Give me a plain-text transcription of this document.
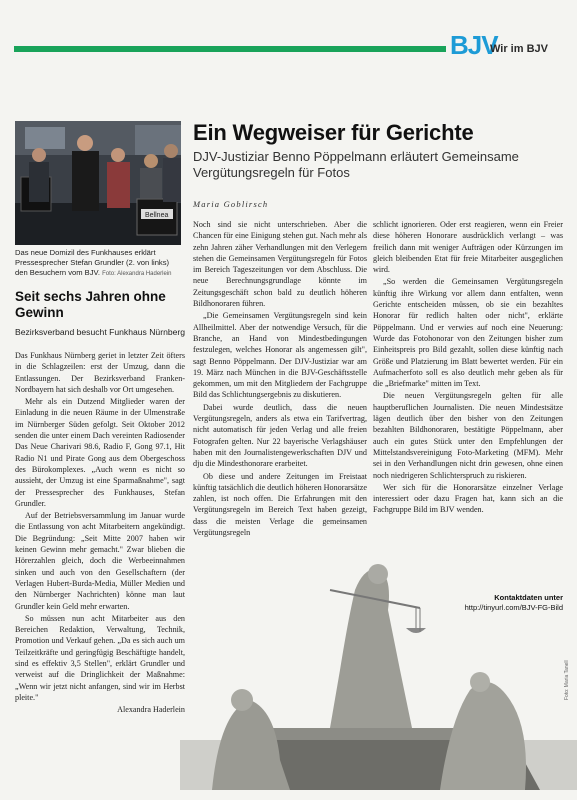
BJV
Wir im BJV
Bellnea
Das neue Domizil des Funkhauses erklärt Pressesprecher Stefan Grundler (2. von links) den Besuchern vom BJV. Foto: Alexandra Haderlein
Seit sechs Jahren ohne Gewinn
Bezirksverband besucht Funkhaus Nürnberg

Das Funkhaus Nürnberg geriet in letzter Zeit öfters in die Schlagzeilen: erst der Umzug, dann die Entlassungen. Der Bezirksverband Franken-Nordbayern hat sich deshalb vor Ort umgesehen.

Mehr als ein Dutzend Mitglieder waren der Einladung in die neuen Räume in der Ulmenstraße im Nürnberger Süden gefolgt. Seit Oktober 2012 senden die unter einem Dach vereinten Radiosender Das Neue Charivari 98.6, Radio F, Gong 97.1, Hit Radio N1 und Pirate Gong aus dem Obergeschoss des Bürokomplexes. „Auch wenn es nicht so aussieht, der Umzug ist eine Sparmaßnahme", sagt der Pressesprecher des Funkhauses, Stefan Grundler.

Auf der Betriebsversammlung im Januar wurde die Entlassung von acht Mitarbeitern angekündigt. Die Begründung: „Seit Mitte 2007 haben wir keinen Gewinn mehr gemacht." Zwar blieben die Hörerzahlen gleich, doch die Werbeeinnahmen sinken und auch von den Gesellschaftern (der Verlagen Hubert-Burda-Media, Müller Medien und den Nürnberger Nachrichten) könne man laut Grundler kein Geld mehr erwarten.

So müssen nun acht Mitarbeiter aus den Bereichen Redaktion, Verwaltung, Technik, Promotion und Verkauf gehen. „Da es sich auch um Teilzeitkräfte und geringfügig Beschäftigte handelt, sind es effektiv 3,5 Stellen", erklärt Grundler und verweist auf die Dringlichkeit der Maßnahme: „Wenn wir jetzt nicht anfangen, sind wir im Herbst pleite."

Alexandra Haderlein

Ein Wegweiser für Gerichte
DJV-Justiziar Benno Pöppelmann erläutert Gemeinsame Vergütungsregeln für Fotos
Maria Goblirsch

Noch sind sie nicht unterschrieben. Aber die Chancen für eine Einigung stehen gut. Nach mehr als zehn Jahren zäher Verhandlungen mit den Verlegern stehen die Gemeinsamen Vergütungsregeln für Fotos im Bereich Tageszeitungen vor dem Abschluss. Die neue Berechnungsgrundlage könnte im Zeitungsgeschäft schon bald zu deutlich höheren Bildhonoraren führen.

„Die Gemeinsamen Vergütungsregeln sind kein Allheilmittel. Aber der notwendige Versuch, für die Branche, an Hand von Mindestbedingungen festzulegen, welches Honorar als angemessen gilt", sagt Benno Pöppelmann. Der DJV-Justiziar war am 19. März nach München in die BJV-Geschäftsstelle gekommen, um mit den Mitgliedern der Fachgruppe Bild das Schlichtungsergebnis zu diskutieren.

Dabei wurde deutlich, dass die neuen Vergütungsregeln, anders als etwa ein Tarifvertrag, nicht automatisch für jeden Verlag und alle freien Fotografen gelten. Nur 22 bayerische Verlagshäuser haben mit den Journalistengewerkschaften DJV und dju die Mindesthonorare erarbeitet.

Ob diese und andere Zeitungen im Freistaat künftig tatsächlich die deutlich höheren Honorarsätze zahlen, ist noch offen. Die Erfahrungen mit den Vergütungsregeln im Bereich Text haben gezeigt, dass die meisten Verlage die gemeinsamen Vergütungsregeln

schlicht ignorieren. Oder erst reagieren, wenn ein Freier diese höheren Honorare ausdrücklich verlangt – was freilich dann mit weniger Aufträgen oder Kürzungen im gleich bleibenden Etat für freie Mitarbeiter ausgeglichen wird.

„So werden die Gemeinsamen Vergütungsregeln künftig ihre Wirkung vor allem dann entfalten, wenn Gerichte entscheiden müssen, ob sie ein bezahltes Honorar für redlich halten oder nicht", erklärte Pöppelmann. Und er verwies auf noch eine Neuerung: Wurde das Fotohonorar von den Zeitungen bisher zum Einheitspreis pro Bild gezahlt, sollen diese künftig nach Größe und Platzierung im Blatt bewertet werden. Für ein Aufmacherfoto soll es also deutlich mehr geben als für die „Briefmarke" mitten im Text.

Die neuen Vergütungsregeln gelten für alle hauptberuflichen Journalisten. Die neuen Mindestsätze lägen deutlich über den bisher von den Zeitungen bezahlten Bildhonoraren, bestätigte Pöppelmann, aber auch ein gutes Stück unter den Empfehlungen der Mittelstandsvereinigung Foto-Marketing (MFM). Mehr sei in den Verhandlungen nicht drin gewesen, ohne einen noch niedrigeren Schlichterspruch zu riskieren.

Wer sich für die Honorarsätze einzelner Verlage interessiert oder dazu Fragen hat, kann sich an die Fachgruppe Bild im BJV wenden.

Kontaktdaten unter
http://tinyurl.com/BJV-FG-Bild
Foto: Maria Tanell
